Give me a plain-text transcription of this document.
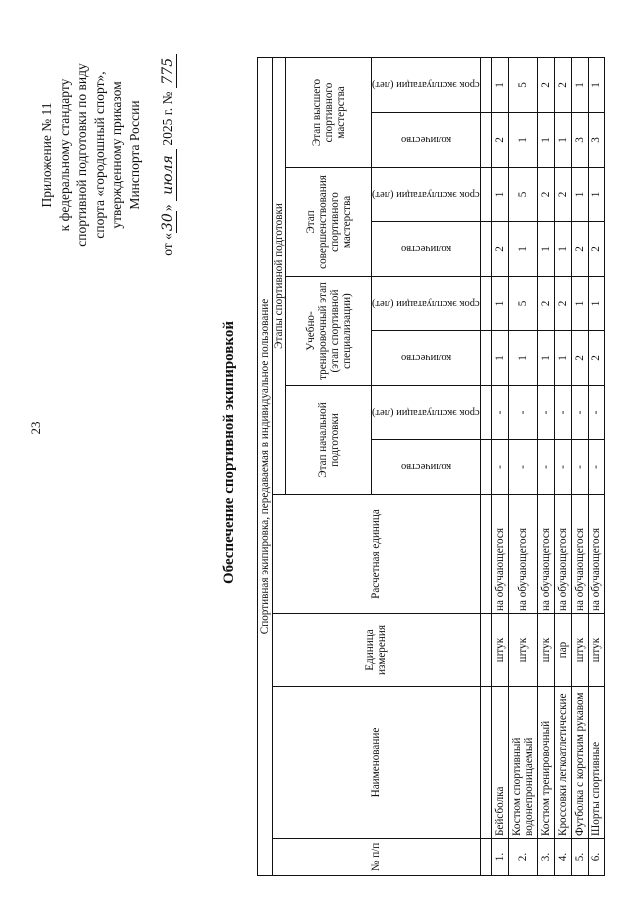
23
Приложение № 11 к федеральному стандарту спортивной подготовки по виду спорта «городошный спорт», утвержденному приказом Минспорта России
от «30» июля 2025 г. № 775
Обеспечение спортивной экипировкой Спортивная экипировка, передаваемая в индивидуальное пользование											
№ п/п	Наименование	Единица измерения	Расчетная единица	Этапы спортивной подготовки							
				Этап начальной подготовки		Учебно-тренировочный этап (этап спортивной специализации)		Этап совершенствования спортивного мастерства		Этап высшего спортивного мастерства	

				количество	срок эксплуатации (лет)	количество	срок эксплуатации (лет)	количество	срок эксплуатации (лет)	количество	срок эксплуатации (лет)

1.	Бейсболка	штук	на обучающегося	-	-	1	1	2	1	2	1
2.	Костюм спортивный водонепроницаемый	штук	на обучающегося	-	-	1	5	1	5	1	5
3.	Костюм тренировочный	штук	на обучающегося	-	-	1	2	1	2	1	2
4.	Кроссовки легкоатлетические	пар	на обучающегося	-	-	1	2	1	2	1	2
5.	Футболка с коротким рукавом	штук	на обучающегося	-	-	2	1	2	1	3	1
6.	Шорты спортивные	штук	на обучающегося	-	-	2	1	2	1	3	1
